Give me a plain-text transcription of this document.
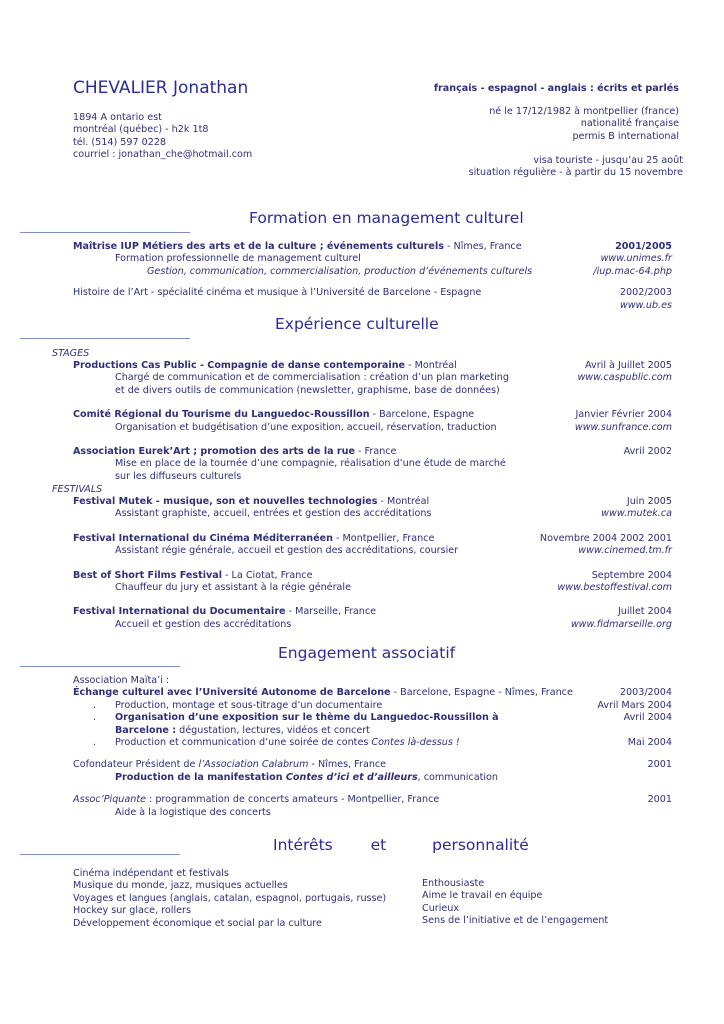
CHEVALIER Jonathan
1894 A ontario est
montréal (québec) - h2k 1t8
tél. (514) 597 0228
courriel : jonathan_che@hotmail.com
français - espagnol - anglais : écrits et parlés
né le 17/12/1982 à montpellier (france)
nationalité française
permis B international
visa touriste - jusqu’au 25 août
situation régulière - à partir du 15 novembre
Formation en management culturel
Maîtrise IUP Métiers des arts et de la culture ; événements culturels - Nîmes, France	2001/2005
Formation professionnelle de management culturel	www.unimes.fr
Gestion, communication, commercialisation, production d’événements culturels	/iup.mac-64.php
Histoire de l’Art - spécialité cinéma et musique à l’Université de Barcelone - Espagne	2002/2003
www.ub.es
Expérience culturelle
STAGES
Productions Cas Public - Compagnie de danse contemporaine - Montréal	Avril à Juillet 2005
Chargé de communication et de commercialisation : création d’un plan marketing	www.caspublic.com
et de divers outils de communication (newsletter, graphisme, base de données)
Comité Régional du Tourisme du Languedoc-Roussillon - Barcelone, Espagne	Janvier Février 2004
Organisation et budgétisation d’une exposition, accueil, réservation, traduction	www.sunfrance.com
Association Eurek’Art ; promotion des arts de la rue - France	Avril 2002
Mise en place de la tournée d’une compagnie, réalisation d’une étude de marché
sur les diffuseurs culturels
FESTIVALS
Festival Mutek - musique, son et nouvelles technologies - Montréal	Juin 2005
Assistant graphiste, accueil, entrées et gestion des accréditations	www.mutek.ca
Festival International du Cinéma Méditerranéen - Montpellier, France	Novembre 2004 2002 2001
Assistant régie générale, accueil et gestion des accréditations, coursier	www.cinemed.tm.fr
Best of Short Films Festival - La Ciotat, France	Septembre 2004
Chauffeur du jury et assistant à la régie générale	www.bestoffestival.com
Festival International du Documentaire - Marseille, France	Juillet 2004
Accueil et gestion des accréditations	www.fidmarseille.org
Engagement associatif
Association Maïta’i :
Échange culturel avec l’Université Autonome de Barcelone - Barcelone, Espagne - Nîmes, France	2003/2004
. Production, montage et sous-titrage d’un documentaire	Avril Mars 2004
. Organisation d’une exposition sur le thème du Languedoc-Roussillon à	Avril 2004
Barcelone : dégustation, lectures, vidéos et concert
. Production et communication d’une soirée de contes Contes là-dessus !	Mai 2004
Cofondateur Président de l’Association Calabrum - Nîmes, France	2001
Production de la manifestation Contes d’ici et d’ailleurs, communication
Assoc’Piquante : programmation de concerts amateurs - Montpellier, France	2001
Aide à la logistique des concerts
Intérêts et	personnalité
Cinéma indépendant et festivals
Musique du monde, jazz, musiques actuelles
Voyages et langues (anglais, catalan, espagnol, portugais, russe)
Hockey sur glace, rollers
Développement économique et social par la culture
Enthousiaste
Aime le travail en équipe
Curieux
Sens de l’initiative et de l’engagement
